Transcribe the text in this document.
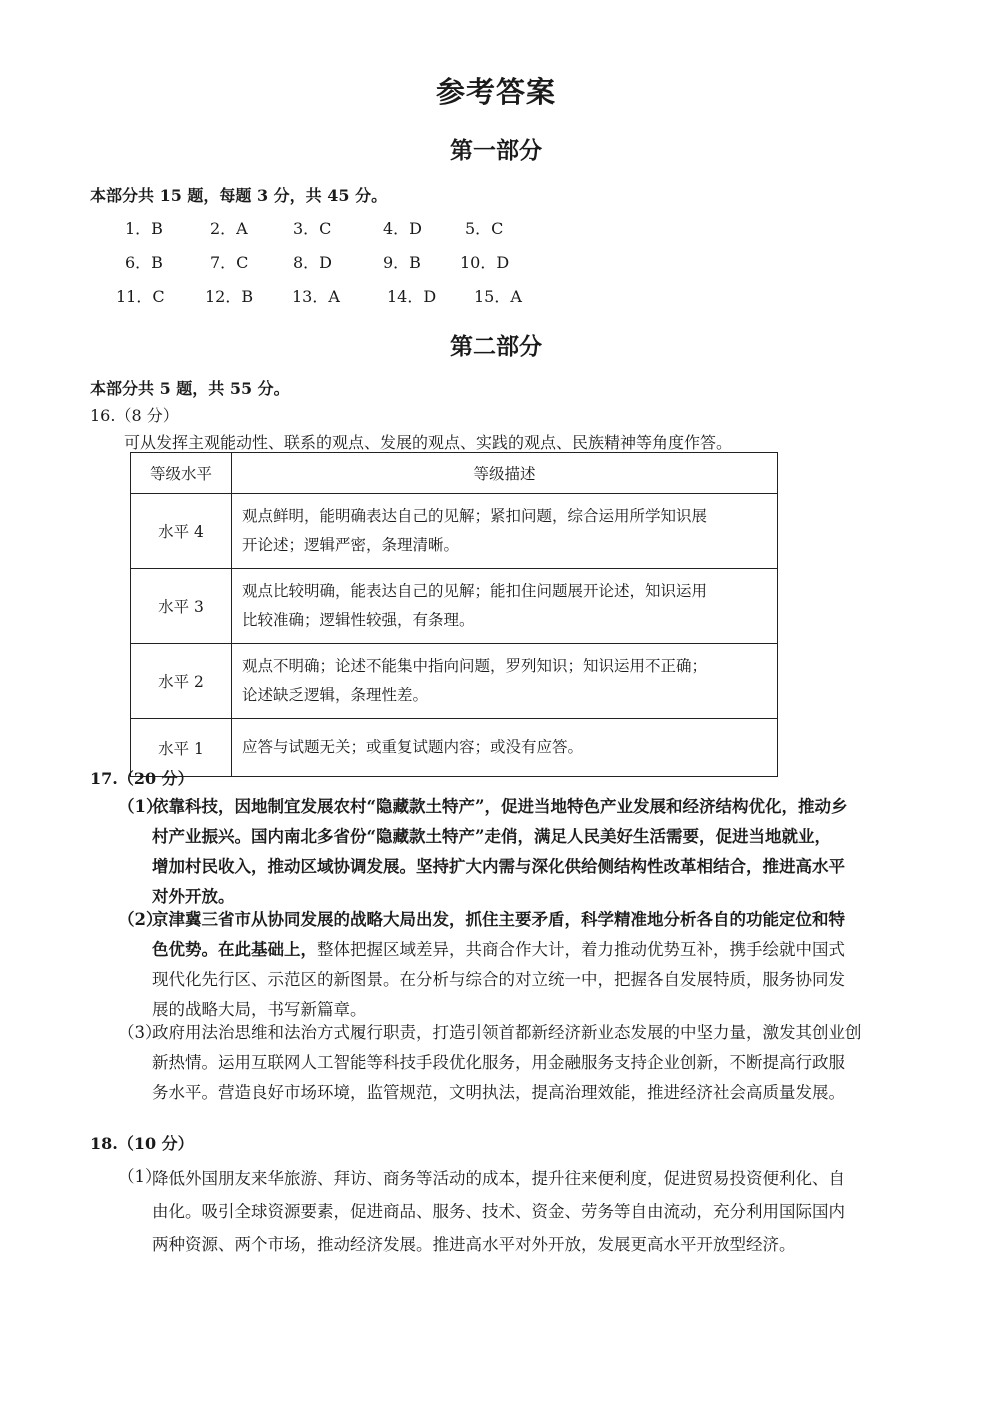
参考答案
第一部分
本部分共 15 题，每题 3 分，共 45 分。
1．B	2．A	3．C	4．D	5．C
6．B	7．C	8．D	9．B 10．D
11．C	12．B 13．A	14．D 15．A
第二部分
本部分共 5 题，共 55 分。
16.（8 分）
可从发挥主观能动性、联系的观点、发展的观点、实践的观点、民族精神等角度作答。
等级水平	等级描述
水平 4	观点鲜明，能明确表达自己的见解；紧扣问题，综合运用所学知识展
开论述；逻辑严密，条理清晰。

水平 3	观点比较明确，能表达自己的见解；能扣住问题展开论述，知识运用
比较准确；逻辑性较强，有条理。

水平 2	观点不明确；论述不能集中指向问题，罗列知识；知识运用不正确；
论述缺乏逻辑，条理性差。

水平 1	应答与试题无关；或重复试题内容；或没有应答。
17.（20 分）
（1）
依靠科技，因地制宜发展农村“隐藏款土特产”，促进当地特色产业发展和经济结构优化，推动乡
村产业振兴。国内南北多省份“隐藏款土特产”走俏，满足人民美好生活需要，促进当地就业，
增加村民收入，推动区域协调发展。坚持扩大内需与深化供给侧结构性改革相结合，推进高水平
对外开放。
（2）
京津冀三省市从协同发展的战略大局出发，抓住主要矛盾，科学精准地分析各自的功能定位和特
色优势。在此基础上，整体把握区域差异，共商合作大计，着力推动优势互补，携手绘就中国式
现代化先行区、示范区的新图景。在分析与综合的对立统一中，把握各自发展特质，服务协同发
展的战略大局，书写新篇章。
（3）
政府用法治思维和法治方式履行职责，打造引领首都新经济新业态发展的中坚力量，激发其创业创
新热情。运用互联网人工智能等科技手段优化服务，用金融服务支持企业创新，不断提高行政服
务水平。营造良好市场环境，监管规范，文明执法，提高治理效能，推进经济社会高质量发展。
18.（10 分）
（1）
降低外国朋友来华旅游、拜访、商务等活动的成本，提升往来便利度，促进贸易投资便利化、自
由化。吸引全球资源要素，促进商品、服务、技术、资金、劳务等自由流动，充分利用国际国内
两种资源、两个市场，推动经济发展。推进高水平对外开放，发展更高水平开放型经济。
